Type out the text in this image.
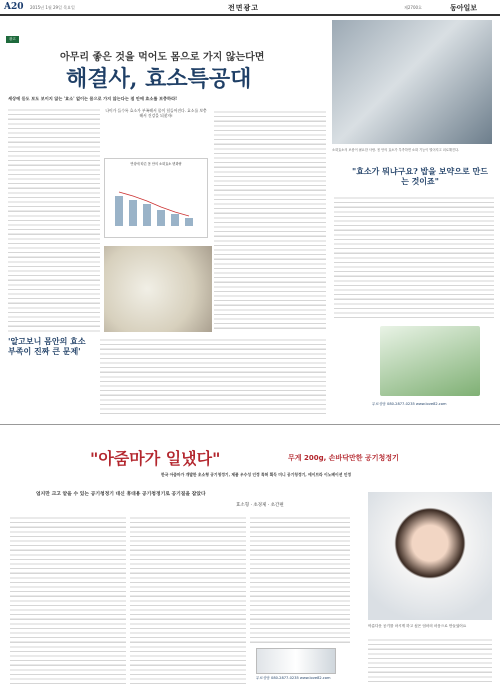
A20 2015년 1월 29일 목요일	전면광고	제2700호	동아일보
광고
아무리 좋은 것을 먹어도 몸으로 가지 않는다면
해결사, 효소특공대
세상에 듣도 보도 보이지 않는 '효소' 없이는 몸으로 가지 않는다는 점 안에 효소를 보충하라!
소화효소의 보충이 필요한 사람. 몸 안의 효소가 부족하면 소화 기능이 떨어지고 피로해진다.
나이가 들수록 효소가 부족해서 몸이 힘들어진다. 효소를 보충해서 건강을 되찾자!
연령에 따른 몸 안의 소화효소 변화량
"효소가 뭐냐구요? 밥을 보약으로 만드는 것이죠"
'알고보니 몸안의 효소 부족이 진짜 큰 문제'
무료상담 080-2877-0235 www.love82.com
"아줌마가 일냈다"	무게 200g, 손바닥만한 공기청정기
한국 아줌마가 개발한 초소형 공기청정기, 제품 우수성 인정 특허 획득 미니 공기청정기, 에이브라 이노베이션 인정
엄지만 크고 얕을 수 있는 공기청정기 대신 휴대용 공기청정기로 공기질을 잡았다
효소형 · 초경제 · 초간편
무료상담 080-2877-0235 www.love82.com
아름다운 공기를 마시게 하고 싶은 엄마의 마음으로 만들었어요
